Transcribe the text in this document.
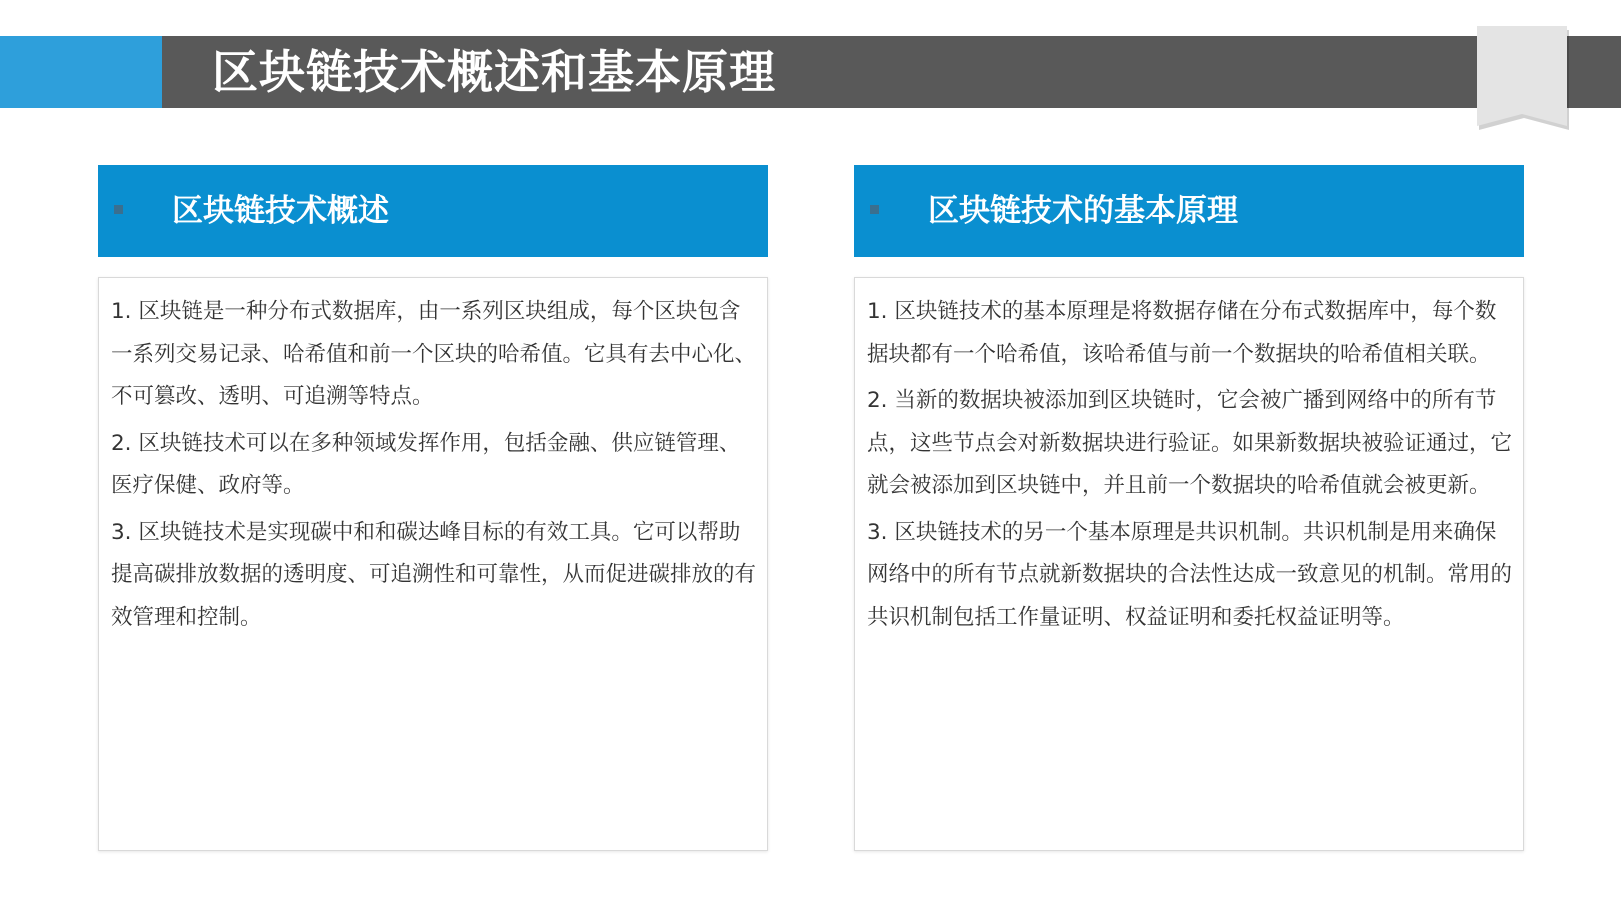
区块链技术概述和基本原理
区块链技术概述

1. 区块链是一种分布式数据库，由一系列区块组成，每个区块包含一系列交易记录、哈希值和前一个区块的哈希值。它具有去中心化、不可篡改、透明、可追溯等特点。

2. 区块链技术可以在多种领域发挥作用，包括金融、供应链管理、医疗保健、政府等。

3. 区块链技术是实现碳中和和碳达峰目标的有效工具。它可以帮助提高碳排放数据的透明度、可追溯性和可靠性，从而促进碳排放的有效管理和控制。

区块链技术的基本原理

1. 区块链技术的基本原理是将数据存储在分布式数据库中，每个数据块都有一个哈希值，该哈希值与前一个数据块的哈希值相关联。

2. 当新的数据块被添加到区块链时，它会被广播到网络中的所有节点，这些节点会对新数据块进行验证。如果新数据块被验证通过，它就会被添加到区块链中，并且前一个数据块的哈希值就会被更新。

3. 区块链技术的另一个基本原理是共识机制。共识机制是用来确保网络中的所有节点就新数据块的合法性达成一致意见的机制。常用的共识机制包括工作量证明、权益证明和委托权益证明等。
